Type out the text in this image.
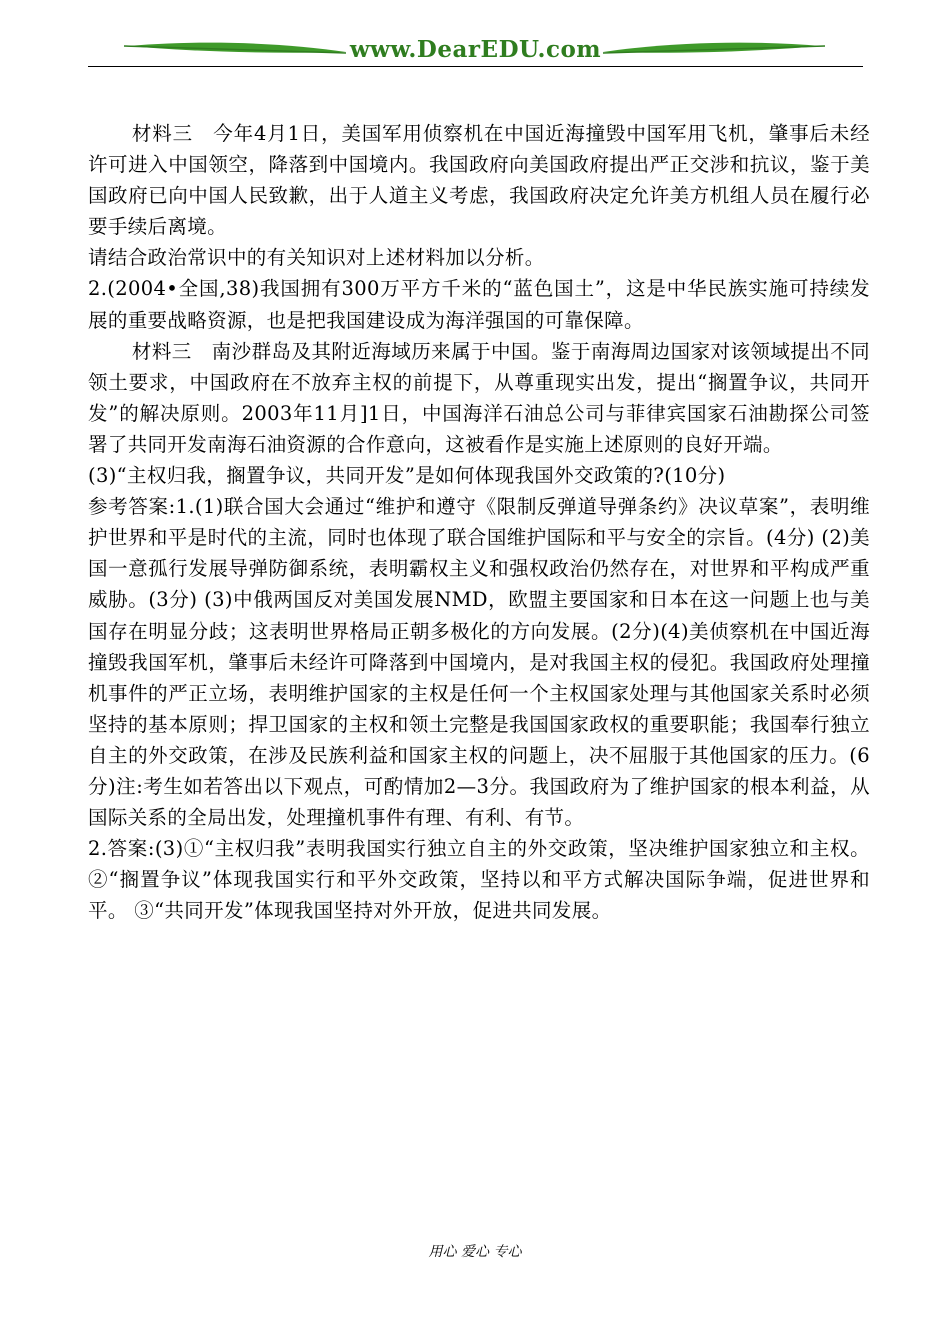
www.DearEDU.com

材料三　今年4月1日，美国军用侦察机在中国近海撞毁中国军用飞机，肇事后未经许可进入中国领空，降落到中国境内。我国政府向美国政府提出严正交涉和抗议，鉴于美国政府已向中国人民致歉，出于人道主义考虑，我国政府决定允许美方机组人员在履行必要手续后离境。

请结合政治常识中的有关知识对上述材料加以分析。

2.(2004•全国,38)我国拥有300万平方千米的“蓝色国土”，这是中华民族实施可持续发展的重要战略资源，也是把我国建设成为海洋强国的可靠保障。

材料三　南沙群岛及其附近海域历来属于中国。鉴于南海周边国家对该领域提出不同领土要求，中国政府在不放弃主权的前提下，从尊重现实出发，提出“搁置争议，共同开发”的解决原则。2003年11月]1日，中国海洋石油总公司与菲律宾国家石油勘探公司签署了共同开发南海石油资源的合作意向，这被看作是实施上述原则的良好开端。

(3)“主权归我，搁置争议，共同开发”是如何体现我国外交政策的?(10分)

参考答案:1.(1)联合国大会通过“维护和遵守《限制反弹道导弹条约》决议草案”，表明维护世界和平是时代的主流，同时也体现了联合国维护国际和平与安全的宗旨。(4分) (2)美国一意孤行发展导弹防御系统，表明霸权主义和强权政治仍然存在，对世界和平构成严重威胁。(3分) (3)中俄两国反对美国发展NMD，欧盟主要国家和日本在这一问题上也与美国存在明显分歧；这表明世界格局正朝多极化的方向发展。(2分)(4)美侦察机在中国近海撞毁我国军机，肇事后未经许可降落到中国境内，是对我国主权的侵犯。我国政府处理撞机事件的严正立场，表明维护国家的主权是任何一个主权国家处理与其他国家关系时必须坚持的基本原则；捍卫国家的主权和领土完整是我国国家政权的重要职能；我国奉行独立自主的外交政策，在涉及民族利益和国家主权的问题上，决不屈服于其他国家的压力。(6分)注:考生如若答出以下观点，可酌情加2—3分。我国政府为了维护国家的根本利益，从国际关系的全局出发，处理撞机事件有理、有利、有节。

2.答案:(3)①“主权归我”表明我国实行独立自主的外交政策，坚决维护国家独立和主权。②“搁置争议”体现我国实行和平外交政策，坚持以和平方式解决国际争端，促进世界和平。 ③“共同开发”体现我国坚持对外开放，促进共同发展。

用心 爱心 专心
